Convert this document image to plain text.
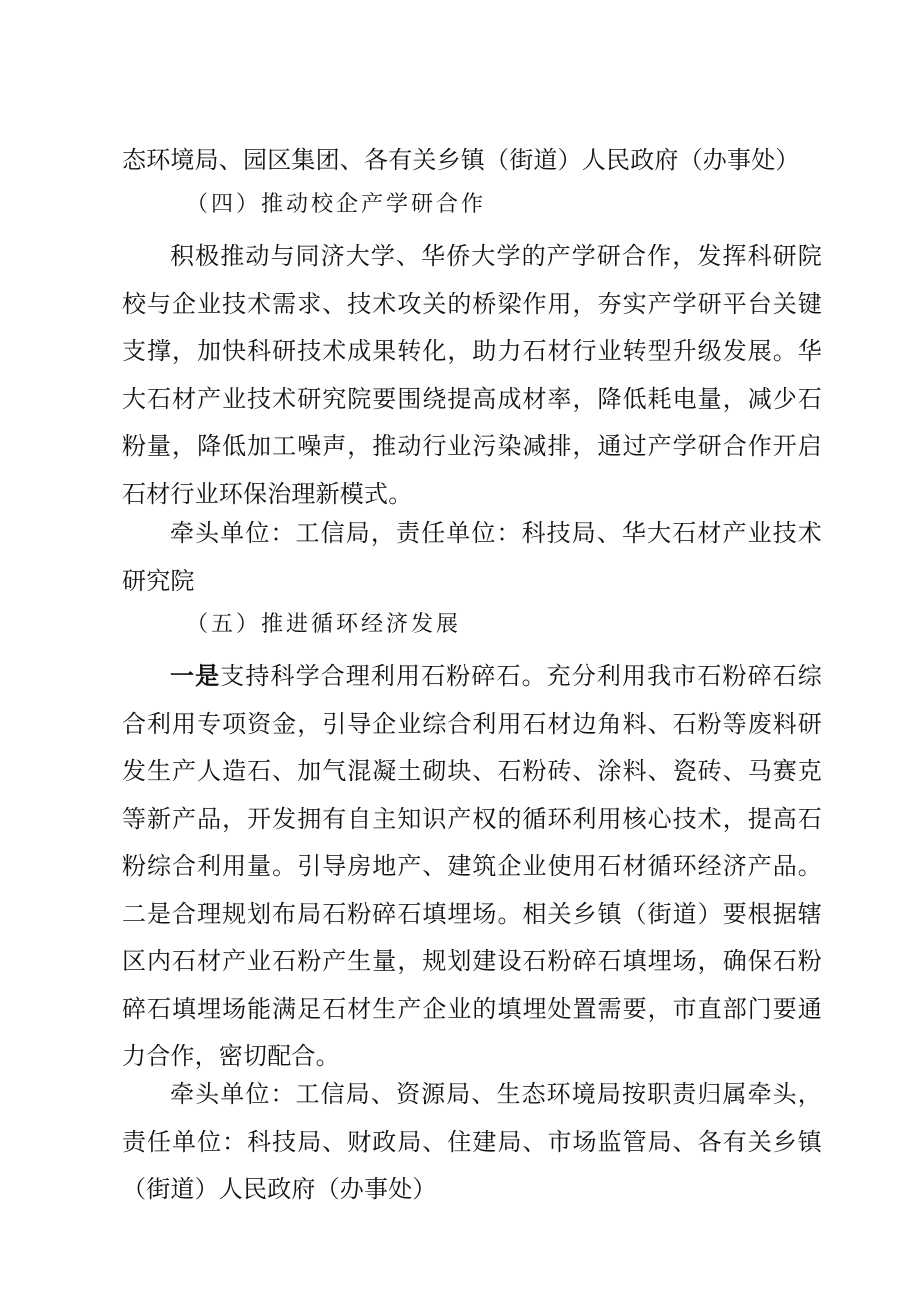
态环境局、园区集团、各有关乡镇（街道）人民政府（办事处）

（四）推动校企产学研合作

积极推动与同济大学、华侨大学的产学研合作，发挥科研院校与企业技术需求、技术攻关的桥梁作用，夯实产学研平台关键支撑，加快科研技术成果转化，助力石材行业转型升级发展。华大石材产业技术研究院要围绕提高成材率，降低耗电量，减少石粉量，降低加工噪声，推动行业污染减排，通过产学研合作开启石材行业环保治理新模式。

牵头单位：工信局，责任单位：科技局、华大石材产业技术研究院

（五）推进循环经济发展

一是支持科学合理利用石粉碎石。充分利用我市石粉碎石综合利用专项资金，引导企业综合利用石材边角料、石粉等废料研发生产人造石、加气混凝土砌块、石粉砖、涂料、瓷砖、马赛克等新产品，开发拥有自主知识产权的循环利用核心技术，提高石粉综合利用量。引导房地产、建筑企业使用石材循环经济产品。二是合理规划布局石粉碎石填埋场。相关乡镇（街道）要根据辖区内石材产业石粉产生量，规划建设石粉碎石填埋场，确保石粉碎石填埋场能满足石材生产企业的填埋处置需要，市直部门要通力合作，密切配合。

牵头单位：工信局、资源局、生态环境局按职责归属牵头，责任单位：科技局、财政局、住建局、市场监管局、各有关乡镇（街道）人民政府（办事处）
